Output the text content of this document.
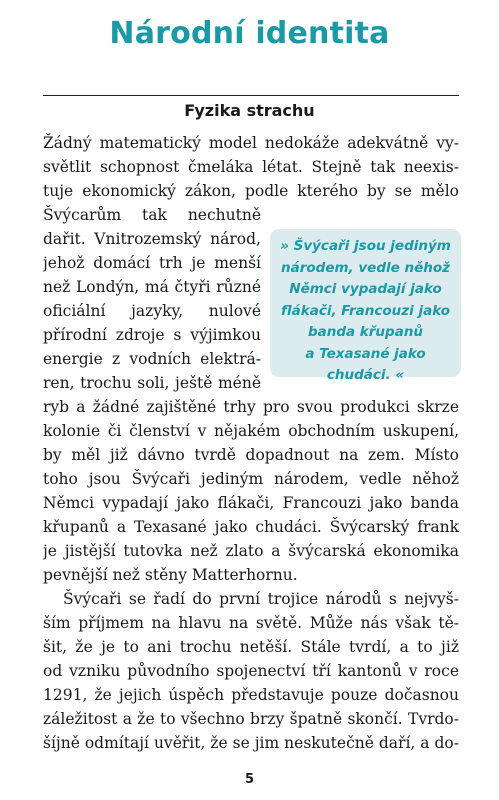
Národní identita
Fyzika strachu
Žádný matematický model nedokáže adekvátně vy-
světlit schopnost čmeláka létat. Stejně tak neexis-
tuje ekonomický zákon, podle kterého by se mělo
Švýcarům tak nechutně
dařit. Vnitrozemský národ,
jehož domácí trh je menší
než Londýn, má čtyři různé
oficiální jazyky, nulové
přírodní zdroje s výjimkou
energie z vodních elektrá-
ren, trochu soli, ještě méně
ryb a žádné zajištěné trhy pro svou produkci skrze
kolonie či členství v nějakém obchodním uskupení,
by měl již dávno tvrdě dopadnout na zem. Místo
toho jsou Švýcaři jediným národem, vedle něhož
Němci vypadají jako flákači, Francouzi jako banda
křupanů a Texasané jako chudáci. Švýcarský frank
je jistější tutovka než zlato a švýcarská ekonomika
pevnější než stěny Matterhornu.
Švýcaři se řadí do první trojice národů s nejvyš-
ším příjmem na hlavu na světě. Může nás však tě-
šit, že je to ani trochu netěší. Stále tvrdí, a to již
od vzniku původního spojenectví tří kantonů v roce
1291, že jejich úspěch představuje pouze dočasnou
záležitost a že to všechno brzy špatně skončí. Tvrdo-
šíjně odmítají uvěřit, že se jim neskutečně daří, a do-
» Švýcaři jsou jediným
národem, vedle něhož
Němci vypadají jako
flákači, Francouzi jako
banda křupanů
a Texasané jako
chudáci. «
5
